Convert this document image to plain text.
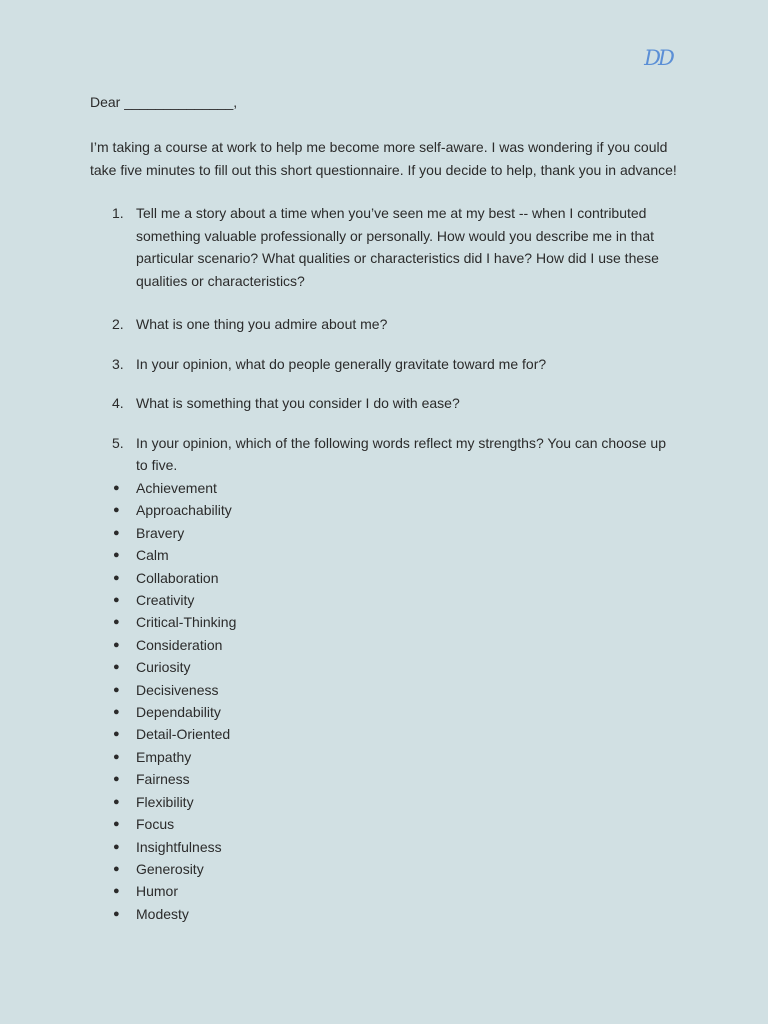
DD

Dear ______________,

I’m taking a course at work to help me become more self-aware. I was wondering if you could take five minutes to fill out this short questionnaire. If you decide to help, thank you in advance!

1. Tell me a story about a time when you’ve seen me at my best -- when I contributed something valuable professionally or personally. How would you describe me in that particular scenario? What qualities or characteristics did I have? How did I use these qualities or characteristics?
2. What is one thing you admire about me?
3. In your opinion, what do people generally gravitate toward me for?
4. What is something that you consider I do with ease?
5. In your opinion, which of the following words reflect my strengths? You can choose up to five.
● Achievement
● Approachability
● Bravery
● Calm
● Collaboration
● Creativity
● Critical-Thinking
● Consideration
● Curiosity
● Decisiveness
● Dependability
● Detail-Oriented
● Empathy
● Fairness
● Flexibility
● Focus
● Insightfulness
● Generosity
● Humor
● Modesty
